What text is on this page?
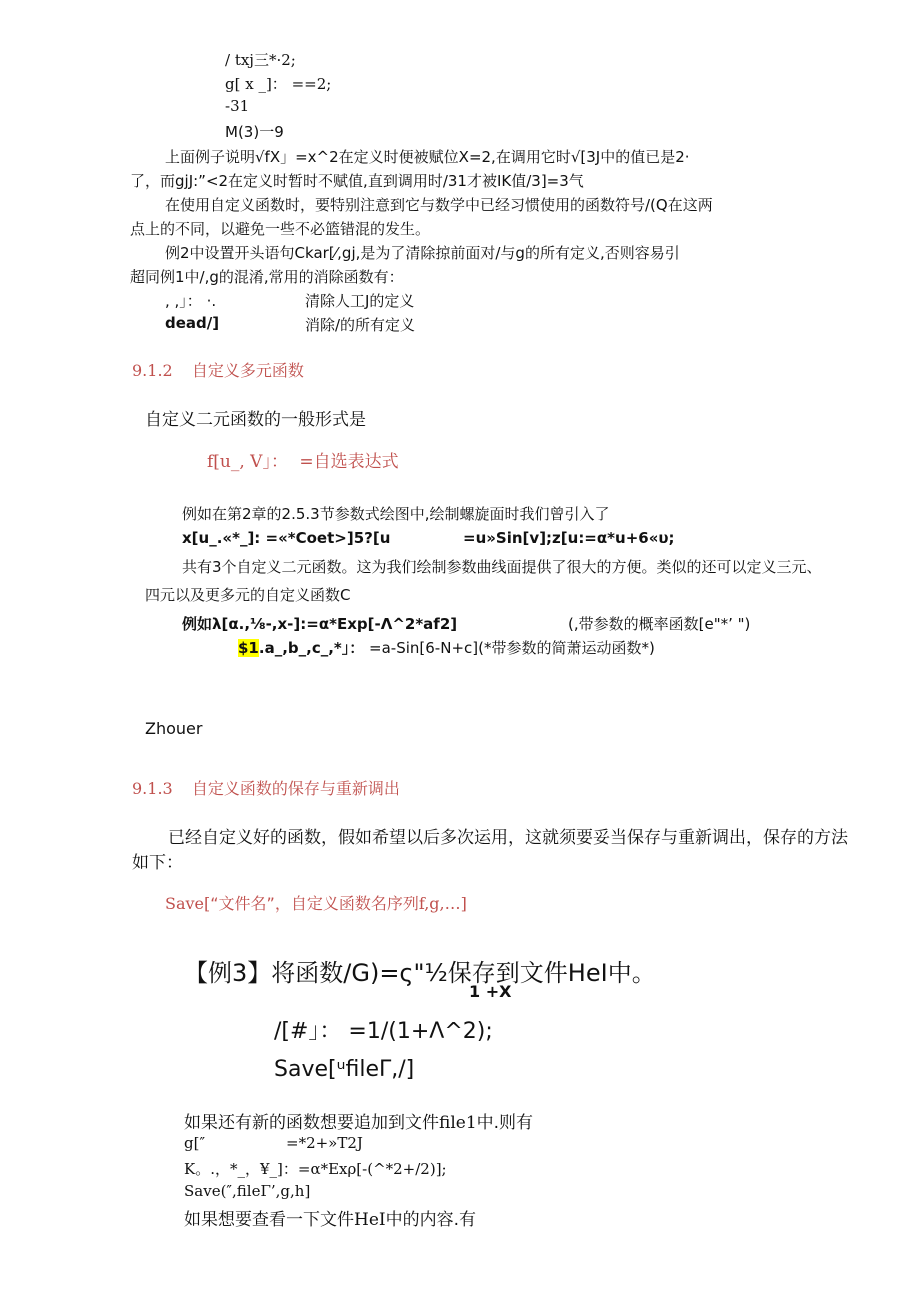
/ txj三*·2;
g[ x _]： ==2;
-31
M(3)一9
上面例子说明√fX」=x^2在定义时便被赋位X=2,在调用它时√[3J中的值已是2·
了，而gjJ:”<2在定义时暂时不赋值,直到调用时/31才被IK值/3]=3气
在使用自定义函数时，要特别注意到它与数学中已经习惯使用的函数符号/(Q在这两
点上的不同，以避免一些不必篮错混的发生。
例2中设置开头语句Ckar[⁄,gj,是为了清除掠前面对/与g的所有定义,否则容易引
超同例1中/,g的混淆,常用的消除函数有：
, ,」： ·.	清除人工J的定义
dead/]	消除/的所有定义
9.1.2 自定义多元函数
自定义二元函数的一般形式是
f[u_, V」： =自选表达式
例如在第2章的2.5.3节参数式绘图中,绘制螺旋面时我们曾引入了
x[u_.«*_]: =«*Coet>]5?[u	=u»Sin[v];z[u:=α*u+6«υ;
共有3个自定义二元函数。这为我们绘制参数曲线面提供了很大的方便。类似的还可以定义三元、
四元以及更多元的自定义函数C
例如λ[α.,⅛-,x-]:=α*Exp[-Λ^2*af2]	(,带参数的概率函数[e"*’ ")
$1.a_,b_,c_,*」： =a-Sin[6-N+c](*带参数的简萧运动函数*)
Zhouer
9.1.3 自定义函数的保存与重新调出
已经自定义好的函数，假如希望以后多次运用，这就须要妥当保存与重新调出，保存的方法
如下：
Save[“文件名”，自定义函数名序列f,g,…]
【例3】将函数/G)=ς"½保存到文件HeI中。
1 +X
/[#」： =1/(1+Λ^2);
Save[ᵘfileΓ,/]
如果还有新的函数想要追加到文件file1中.则有
g[″	=*2+»T2J
K。.，*_，¥_]：=α*Exρ[-(^*2+/2)];
Save(″,fileΓ’,g,h]
如果想要查看一下文件HeI中的内容.有
